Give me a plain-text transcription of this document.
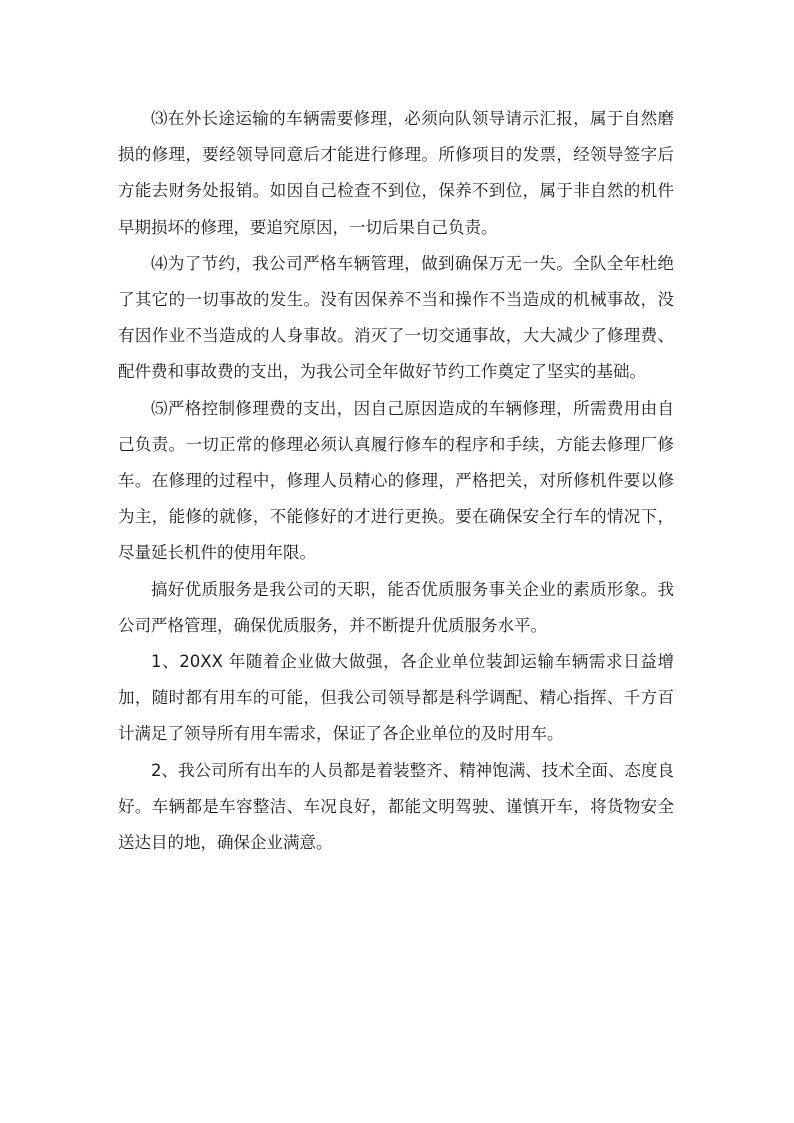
⑶在外长途运输的车辆需要修理，必须向队领导请示汇报，属于自然磨损的修理，要经领导同意后才能进行修理。所修项目的发票，经领导签字后方能去财务处报销。如因自己检查不到位，保养不到位，属于非自然的机件早期损坏的修理，要追究原因，一切后果自己负责。

⑷为了节约，我公司严格车辆管理，做到确保万无一失。全队全年杜绝了其它的一切事故的发生。没有因保养不当和操作不当造成的机械事故，没有因作业不当造成的人身事故。消灭了一切交通事故，大大减少了修理费、配件费和事故费的支出，为我公司全年做好节约工作奠定了坚实的基础。

⑸严格控制修理费的支出，因自己原因造成的车辆修理，所需费用由自己负责。一切正常的修理必须认真履行修车的程序和手续，方能去修理厂修车。在修理的过程中，修理人员精心的修理，严格把关，对所修机件要以修为主，能修的就修，不能修好的才进行更换。要在确保安全行车的情况下，尽量延长机件的使用年限。

搞好优质服务是我公司的天职，能否优质服务事关企业的素质形象。我公司严格管理，确保优质服务，并不断提升优质服务水平。

1、20XX 年随着企业做大做强，各企业单位装卸运输车辆需求日益增加，随时都有用车的可能，但我公司领导都是科学调配、精心指挥、千方百计满足了领导所有用车需求，保证了各企业单位的及时用车。

2、我公司所有出车的人员都是着装整齐、精神饱满、技术全面、态度良好。车辆都是车容整洁、车况良好，都能文明驾驶、谨慎开车，将货物安全送达目的地，确保企业满意。
